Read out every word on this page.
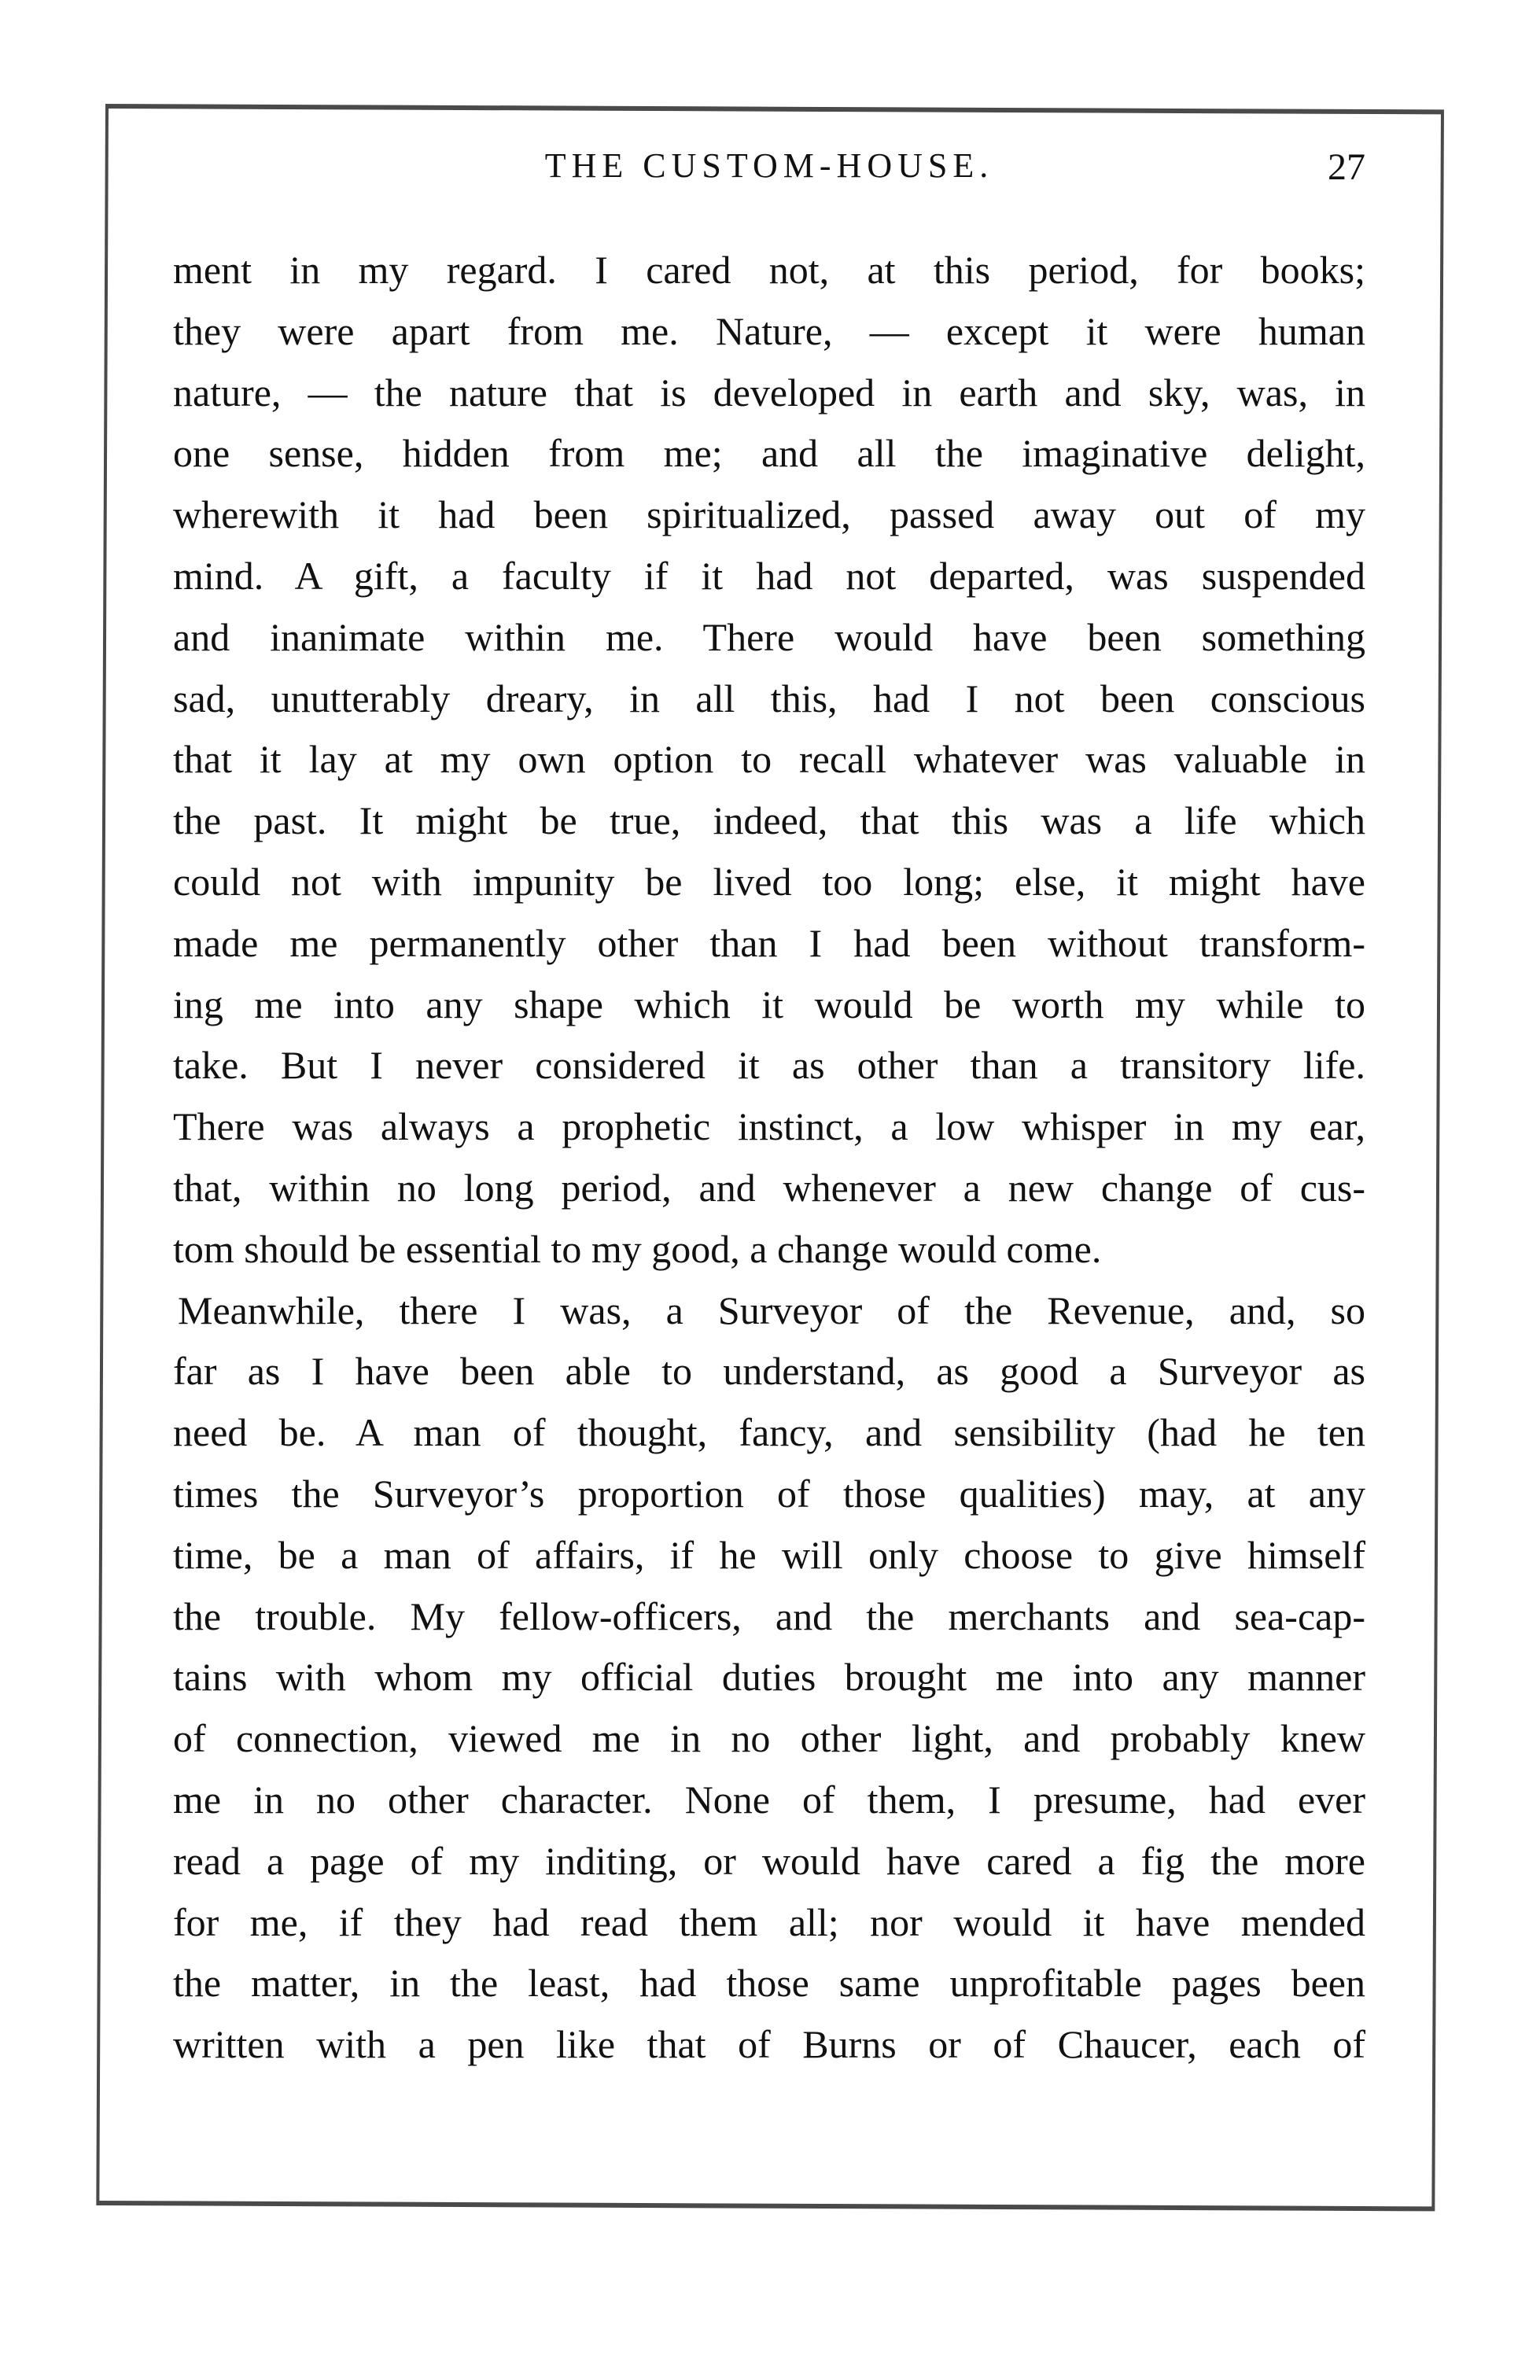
THE CUSTOM-HOUSE.	27
ment in my regard. I cared not, at this period, for books;
they were apart from me. Nature, — except it were human
nature, — the nature that is developed in earth and sky, was, in
one sense, hidden from me; and all the imaginative delight,
wherewith it had been spiritualized, passed away out of my
mind. A gift, a faculty if it had not departed, was suspended
and inanimate within me. There would have been something
sad, unutterably dreary, in all this, had I not been conscious
that it lay at my own option to recall whatever was valuable in
the past. It might be true, indeed, that this was a life which
could not with impunity be lived too long; else, it might have
made me permanently other than I had been without transform-
ing me into any shape which it would be worth my while to
take. But I never considered it as other than a transitory life.
There was always a prophetic instinct, a low whisper in my ear,
that, within no long period, and whenever a new change of cus-
tom should be essential to my good, a change would come.
Meanwhile, there I was, a Surveyor of the Revenue, and, so
far as I have been able to understand, as good a Surveyor as
need be. A man of thought, fancy, and sensibility (had he ten
times the Surveyor’s proportion of those qualities) may, at any
time, be a man of affairs, if he will only choose to give himself
the trouble. My fellow-officers, and the merchants and sea-cap-
tains with whom my official duties brought me into any manner
of connection, viewed me in no other light, and probably knew
me in no other character. None of them, I presume, had ever
read a page of my inditing, or would have cared a fig the more
for me, if they had read them all; nor would it have mended
the matter, in the least, had those same unprofitable pages been
written with a pen like that of Burns or of Chaucer, each of
